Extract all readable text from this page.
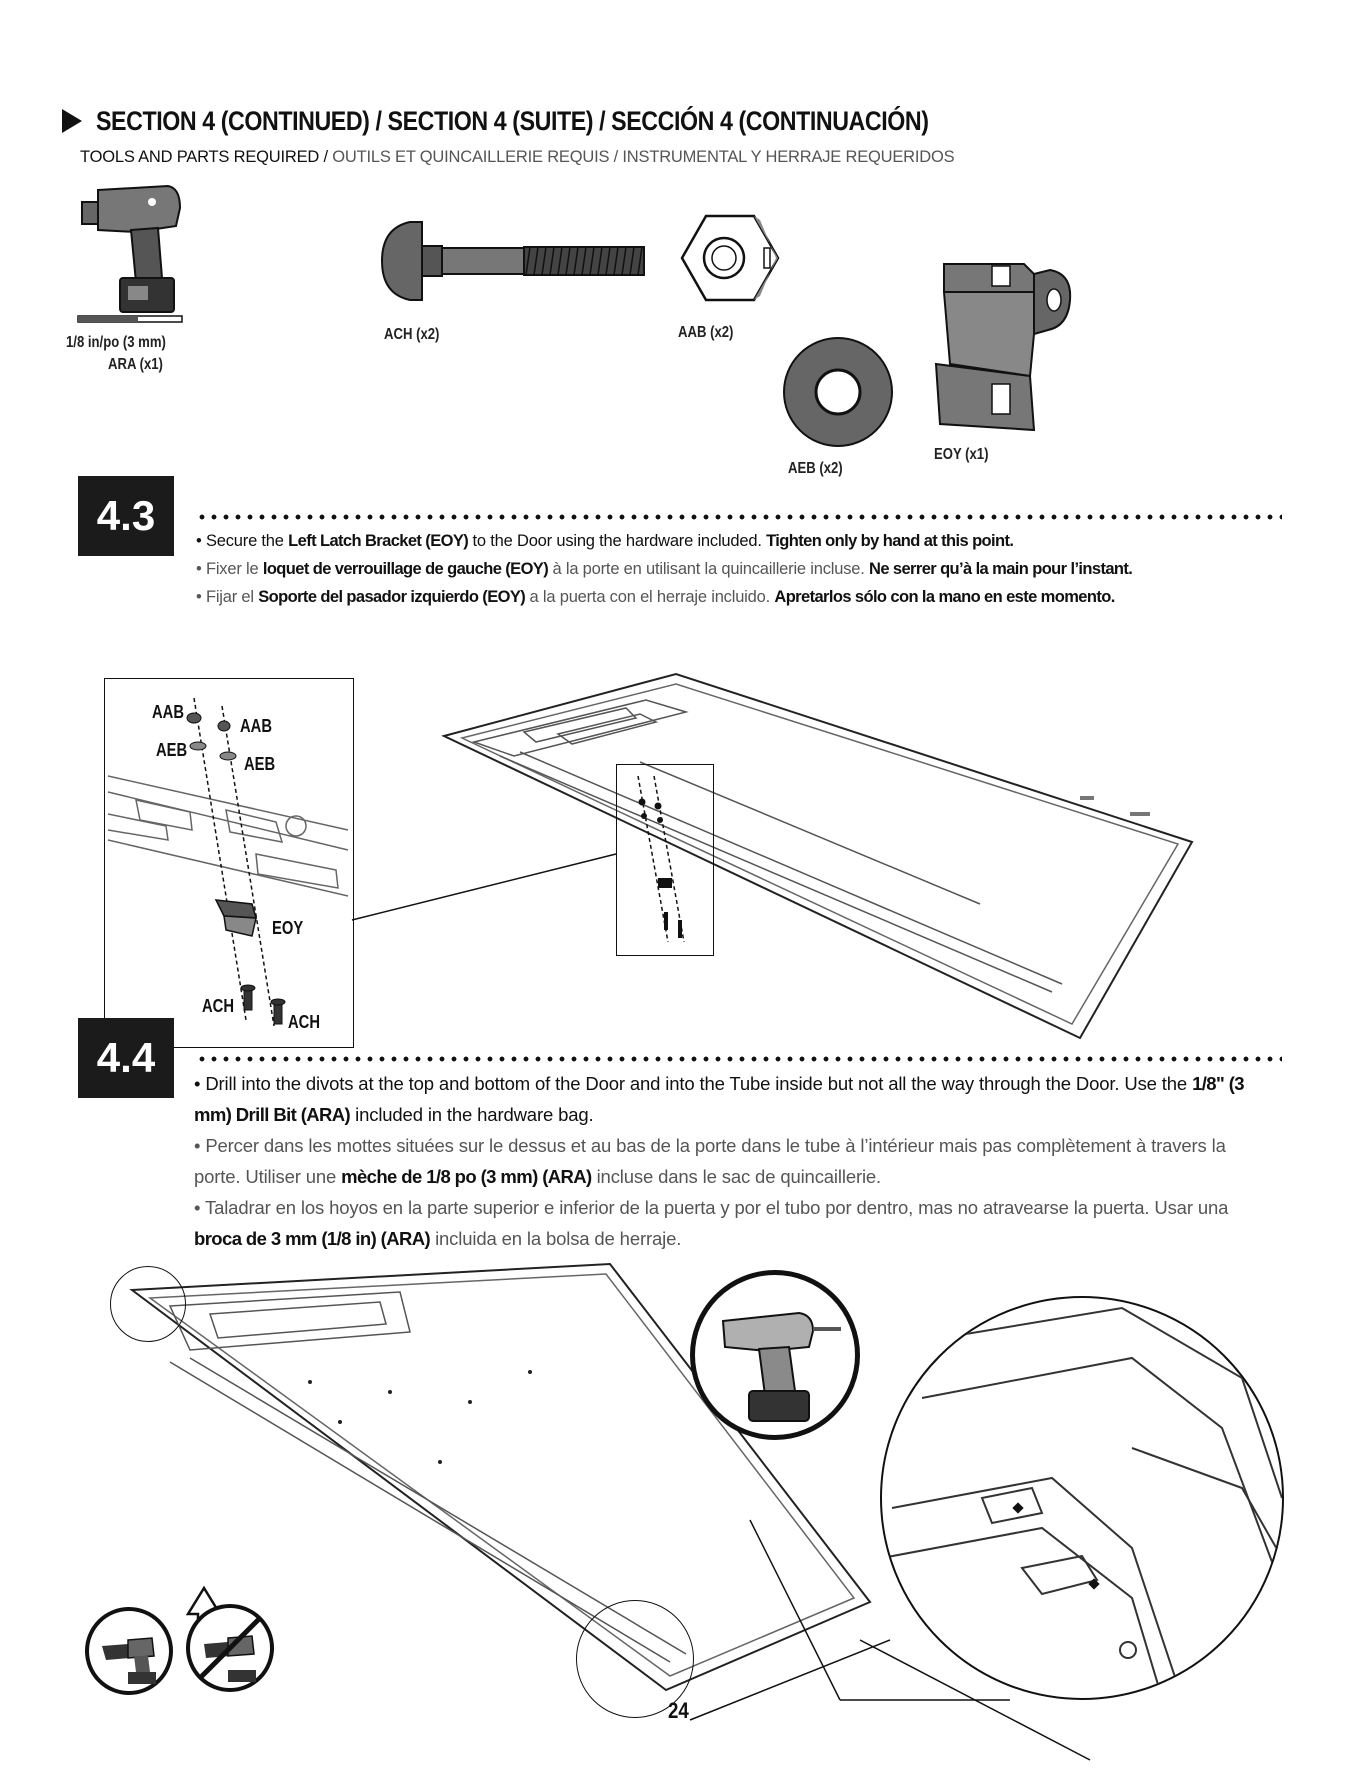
SECTION 4 (CONTINUED) / SECTION 4 (SUITE) / SECCIÓN 4 (CONTINUACIÓN)
TOOLS AND PARTS REQUIRED / OUTILS ET QUINCAILLERIE REQUIS / INSTRUMENTAL Y HERRAJE REQUERIDOS
1/8 in/po (3 mm)
ARA (x1)
ACH (x2)	AAB (x2)
AEB (x2)
EOY (x1)
4.3
• Secure the Left Latch Bracket (EOY) to the Door using the hardware included. Tighten only by hand at this point.
• Fixer le loquet de verrouillage de gauche (EOY) à la porte en utilisant la quincaillerie incluse. Ne serrer qu’à la main pour l’instant.
• Fijar el Soporte del pasador izquierdo (EOY) a la puerta con el herraje incluido. Apretarlos sólo con la mano en este momento.
AAB
AAB
AEB
AEB
EOY
ACH
ACH
4.4
• Drill into the divots at the top and bottom of the Door and into the Tube inside but not all the way through the Door. Use the 1/8" (3 mm) Drill Bit (ARA) included in the hardware bag.
• Percer dans les mottes situées sur le dessus et au bas de la porte dans le tube à l’intérieur mais pas complètement à travers la porte. Utiliser une mèche de 1/8 po (3 mm) (ARA) incluse dans le sac de quincaillerie.
• Taladrar en los hoyos en la parte superior e inferior de la puerta y por el tubo por dentro, mas no atravearse la puerta. Usar una broca de 3 mm (1/8 in) (ARA) incluida en la bolsa de herraje.
24
